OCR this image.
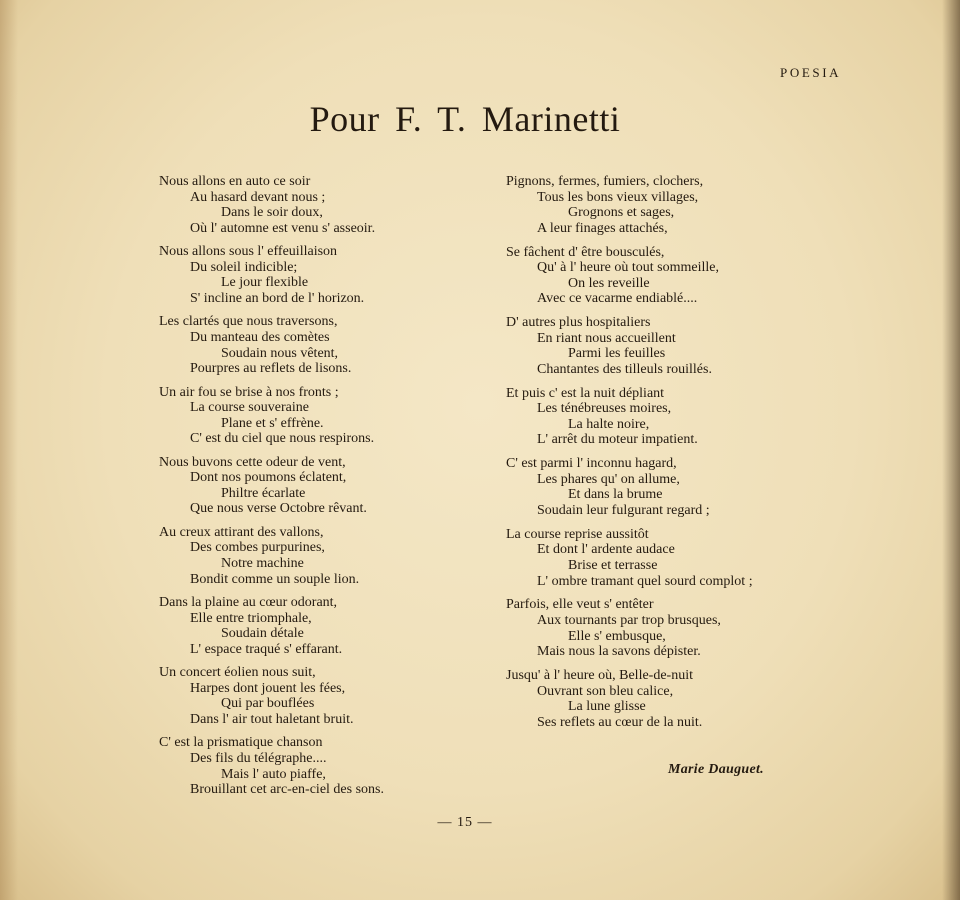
POESIA
Pour F. T. Marinetti
Nous allons en auto ce soir
Au hasard devant nous ;
Dans le soir doux,
Où l' automne est venu s' asseoir.
Nous allons sous l' effeuillaison
Du soleil indicible;
Le jour flexible
S' incline an bord de l' horizon.
Les clartés que nous traversons,
Du manteau des comètes
Soudain nous vêtent,
Pourpres au reflets de lisons.
Un air fou se brise à nos fronts ;
La course souveraine
Plane et s' effrène.
C' est du ciel que nous respirons.
Nous buvons cette odeur de vent,
Dont nos poumons éclatent,
Philtre écarlate
Que nous verse Octobre rêvant.
Au creux attirant des vallons,
Des combes purpurines,
Notre machine
Bondit comme un souple lion.
Dans la plaine au cœur odorant,
Elle entre triomphale,
Soudain détale
L' espace traqué s' effarant.
Un concert éolien nous suit,
Harpes dont jouent les fées,
Qui par bouflées
Dans l' air tout haletant bruit.
C' est la prismatique chanson
Des fils du télégraphe....
Mais l' auto piaffe,
Brouillant cet arc-en-ciel des sons.
Pignons, fermes, fumiers, clochers,
Tous les bons vieux villages,
Grognons et sages,
A leur finages attachés,
Se fâchent d' être bousculés,
Qu' à l' heure où tout sommeille,
On les reveille
Avec ce vacarme endiablé....
D' autres plus hospitaliers
En riant nous accueillent
Parmi les feuilles
Chantantes des tilleuls rouillés.
Et puis c' est la nuit dépliant
Les ténébreuses moires,
La halte noire,
L' arrêt du moteur impatient.
C' est parmi l' inconnu hagard,
Les phares qu' on allume,
Et dans la brume
Soudain leur fulgurant regard ;
La course reprise aussitôt
Et dont l' ardente audace
Brise et terrasse
L' ombre tramant quel sourd complot ;
Parfois, elle veut s' entêter
Aux tournants par trop brusques,
Elle s' embusque,
Mais nous la savons dépister.
Jusqu' à l' heure où, Belle-de-nuit
Ouvrant son bleu calice,
La lune glisse
Ses reflets au cœur de la nuit.
Marie Dauguet.
— 15 —
